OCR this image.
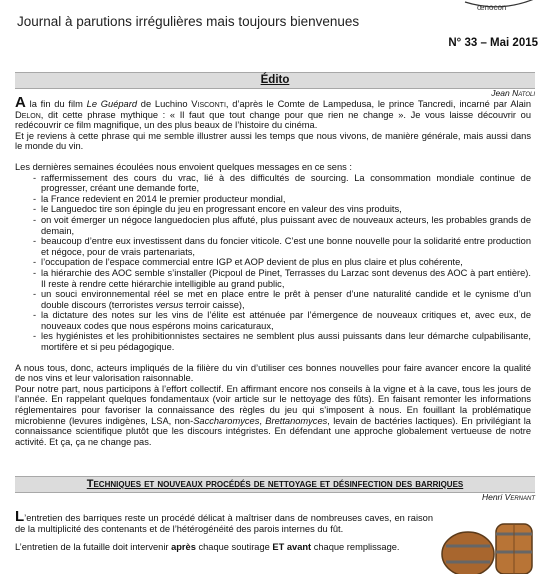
œnocon
Journal à parutions irrégulières mais toujours bienvenues
N° 33 – Mai 2015
Édito
Jean Natoli

A la fin du film Le Guépard de Luchino Visconti, d’après le Comte de Lampedusa, le prince Tancredi, incarné par Alain Delon, dit cette phrase mythique : « Il faut que tout change pour que rien ne change ». Je vous laisse découvrir ou redécouvrir ce film magnifique, un des plus beaux de l’histoire du cinéma.

Et je reviens à cette phrase qui me semble illustrer aussi les temps que nous vivons, de manière générale, mais aussi dans le monde du vin.

Les dernières semaines écoulées nous envoient quelques messages en ce sens :

- raffermissement des cours du vrac, lié à des difficultés de sourcing. La consommation mondiale continue de progresser, créant une demande forte,
- la France redevient en 2014 le premier producteur mondial,
- le Languedoc tire son épingle du jeu en progressant encore en valeur des vins produits,
- on voit émerger un négoce languedocien plus affuté, plus puissant avec de nouveaux acteurs, les probables grands de demain,
- beaucoup d’entre eux investissent dans du foncier viticole. C’est une bonne nouvelle pour la solidarité entre production et négoce, pour de vrais partenariats,
- l’occupation de l’espace commercial entre IGP et AOP devient de plus en plus claire et plus cohérente,
- la hiérarchie des AOC semble s’installer (Picpoul de Pinet, Terrasses du Larzac sont devenus des AOC à part entière). Il reste à rendre cette hiérarchie intelligible au grand public,
- un souci environnemental réel se met en place entre le prêt à penser d’une naturalité candide et le cynisme d’un double discours (terroristes versus terroir caisse),
- la dictature des notes sur les vins de l’élite est atténuée par l’émergence de nouveaux critiques et, avec eux, de nouveaux codes que nous espérons moins caricaturaux,
- les hygiénistes et les prohibitionnistes sectaires ne semblent plus aussi puissants dans leur démarche culpabilisante, mortifère et si peu pédagogique.

A nous tous, donc, acteurs impliqués de la filière du vin d’utiliser ces bonnes nouvelles pour faire avancer encore la qualité de nos vins et leur valorisation raisonnable.

Pour notre part, nous participons à l’effort collectif. En affirmant encore nos conseils à la vigne et à la cave, tous les jours de l’année. En rappelant quelques fondamentaux (voir article sur le nettoyage des fûts). En faisant remonter les informations réglementaires pour favoriser la connaissance des règles du jeu qui s’imposent à nous. En fouillant la problématique microbienne (levures indigènes, LSA, non-Saccharomyces, Brettanomyces, levain de bactéries lactiques). En privilégiant la connaissance scientifique plutôt que les discours intégristes. En défendant une approche globalement vertueuse de notre activité. Et ça, ça ne change pas.

Techniques et nouveaux procédés de nettoyage et désinfection des barriques
Henri Vernant

L’entretien des barriques reste un procédé délicat à maîtriser dans de nombreuses caves, en raison de la multiplicité des contenants et de l’hétérogénéité des parois internes du fût.

L’entretien de la futaille doit intervenir après chaque soutirage ET avant chaque remplissage.
